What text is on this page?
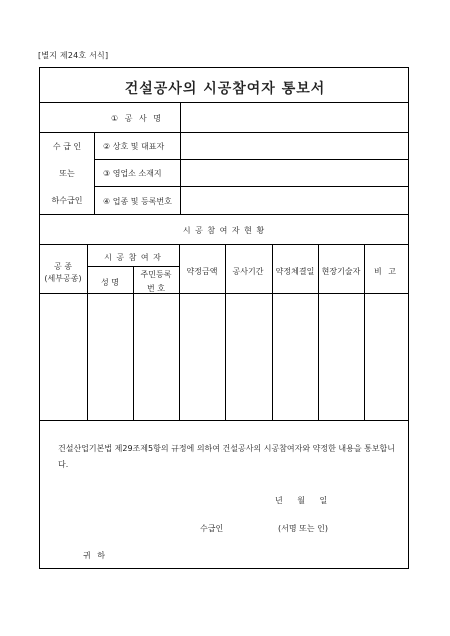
[별지 제24호 서식]
건설공사의 시공참여자 통보서
① 공 사 명
수 급 인
또는
하수급인
② 상호 및 대표자
③ 영업소 소재지
④ 업종 및 등록번호
시 공 참 여 자 현 황
공 종
(세부공종)
시 공 참 여 자
성 명
주민등록
번 호
약정금액 공사기간 약정체결일 현장기술자 비 고
건설산업기본법 제29조제5항의 규정에 의하여 건설공사의 시공참여자와 약정한 내용을 통보합니다.
년 월 일
수급인	(서명 또는 인)
귀 하
